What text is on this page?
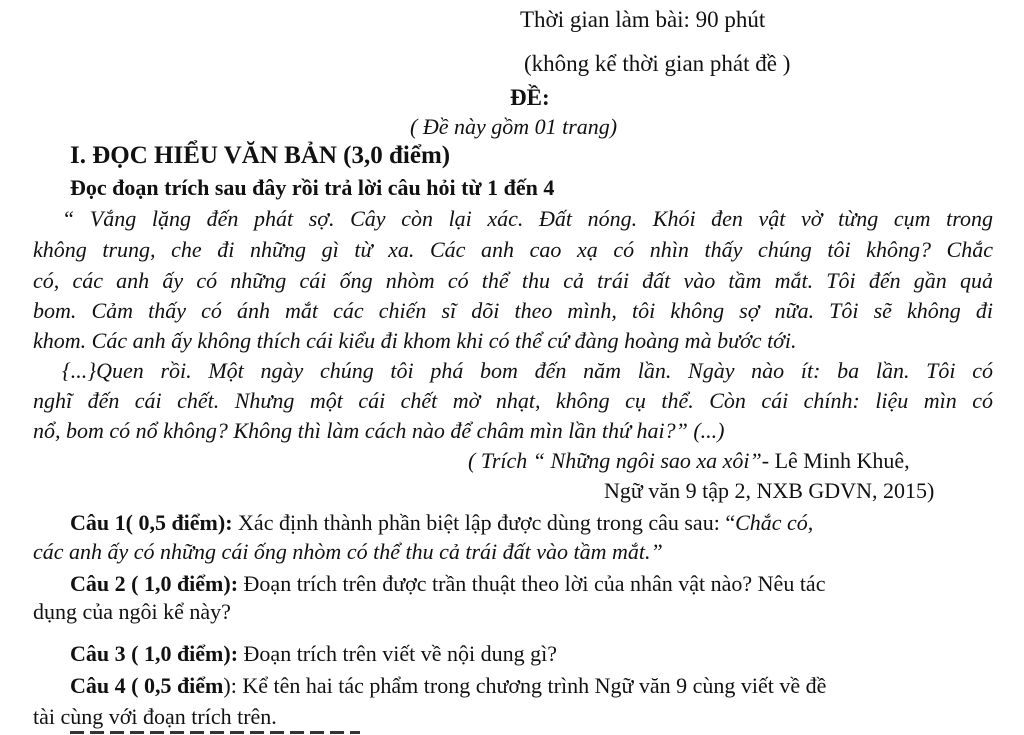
Thời gian làm bài: 90 phút
(không kể thời gian phát đề )
ĐỀ:
( Đề này gồm 01 trang)
I. ĐỌC HIỂU VĂN BẢN (3,0 điểm)
Đọc đoạn trích sau đây rồi trả lời câu hỏi từ 1 đến 4
“ Vắng lặng đến phát sợ. Cây còn lại xác. Đất nóng. Khói đen vật vờ từng cụm trong
không trung, che đi những gì từ xa. Các anh cao xạ có nhìn thấy chúng tôi không? Chắc
có, các anh ấy có những cái ống nhòm có thể thu cả trái đất vào tầm mắt. Tôi đến gần quả
bom. Cảm thấy có ánh mắt các chiến sĩ dõi theo mình, tôi không sợ nữa. Tôi sẽ không đi
khom. Các anh ấy không thích cái kiểu đi khom khi có thể cứ đàng hoàng mà bước tới.
{...}Quen rồi. Một ngày chúng tôi phá bom đến năm lần. Ngày nào ít: ba lần. Tôi có
nghĩ đến cái chết. Nhưng một cái chết mờ nhạt, không cụ thể. Còn cái chính: liệu mìn có
nổ, bom có nổ không? Không thì làm cách nào để châm mìn lần thứ hai?” (...)
( Trích “ Những ngôi sao xa xôi”- Lê Minh Khuê,
Ngữ văn 9 tập 2, NXB GDVN, 2015)
Câu 1( 0,5 điểm): Xác định thành phần biệt lập được dùng trong câu sau: “Chắc có,
các anh ấy có những cái ống nhòm có thể thu cả trái đất vào tầm mắt.”
Câu 2 ( 1,0 điểm): Đoạn trích trên được trần thuật theo lời của nhân vật nào? Nêu tác
dụng của ngôi kể này?
Câu 3 ( 1,0 điểm): Đoạn trích trên viết về nội dung gì?
Câu 4 ( 0,5 điểm): Kể tên hai tác phẩm trong chương trình Ngữ văn 9 cùng viết về đề
tài cùng với đoạn trích trên.
